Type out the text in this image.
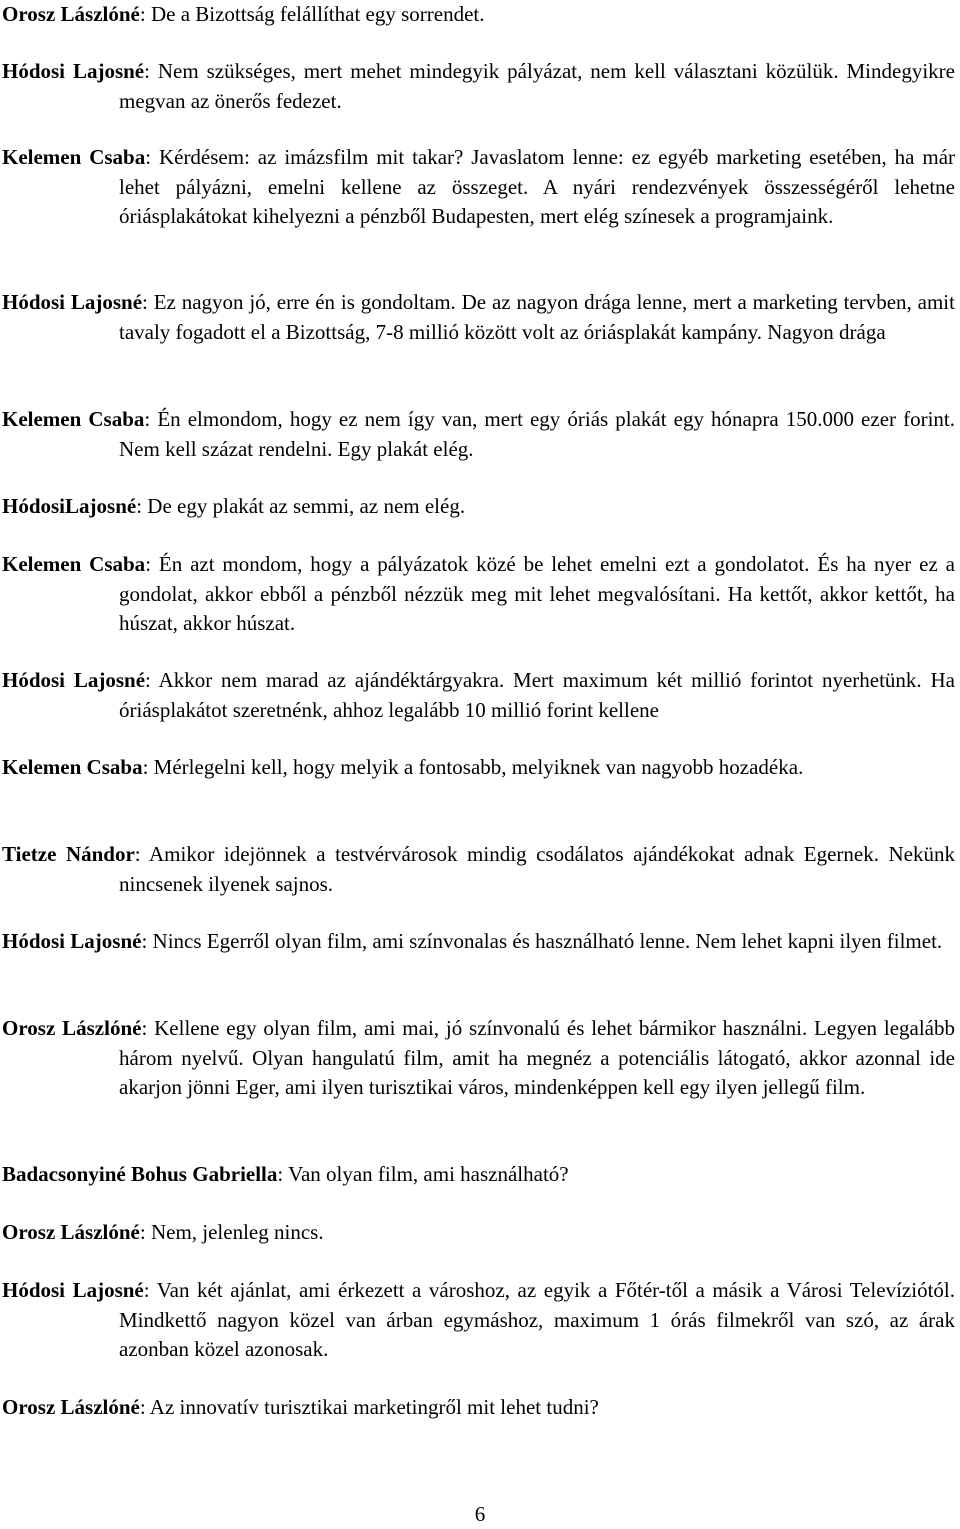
Orosz Lászlóné: De a Bizottság felállíthat egy sorrendet.

Hódosi Lajosné: Nem szükséges, mert mehet mindegyik pályázat, nem kell választani közülük. Mindegyikre megvan az önerős fedezet.

Kelemen Csaba: Kérdésem: az imázsfilm mit takar? Javaslatom lenne: ez egyéb marketing esetében, ha már lehet pályázni, emelni kellene az összeget. A nyári rendezvények összességéről lehetne óriásplakátokat kihelyezni a pénzből Budapesten, mert elég színesek a programjaink.

Hódosi Lajosné: Ez nagyon jó, erre én is gondoltam. De az nagyon drága lenne, mert a marketing tervben, amit tavaly fogadott el a Bizottság, 7-8 millió között volt az óriásplakát kampány. Nagyon drága

Kelemen Csaba: Én elmondom, hogy ez nem így van, mert egy óriás plakát egy hónapra 150.000 ezer forint. Nem kell százat rendelni. Egy plakát elég.

HódosiLajosné: De egy plakát az semmi, az nem elég.

Kelemen Csaba: Én azt mondom, hogy a pályázatok közé be lehet emelni ezt a gondolatot. És ha nyer ez a gondolat, akkor ebből a pénzből nézzük meg mit lehet megvalósítani. Ha kettőt, akkor kettőt, ha húszat, akkor húszat.

Hódosi Lajosné: Akkor nem marad az ajándéktárgyakra. Mert maximum két millió forintot nyerhetünk. Ha óriásplakátot szeretnénk, ahhoz legalább 10 millió forint kellene

Kelemen Csaba: Mérlegelni kell, hogy melyik a fontosabb, melyiknek van nagyobb hozadéka.

Tietze Nándor: Amikor idejönnek a testvérvárosok mindig csodálatos ajándékokat adnak Egernek. Nekünk nincsenek ilyenek sajnos.

Hódosi Lajosné: Nincs Egerről olyan film, ami színvonalas és használható lenne. Nem lehet kapni ilyen filmet.

Orosz Lászlóné: Kellene egy olyan film, ami mai, jó színvonalú és lehet bármikor használni. Legyen legalább három nyelvű. Olyan hangulatú film, amit ha megnéz a potenciális látogató, akkor azonnal ide akarjon jönni Eger, ami ilyen turisztikai város, mindenképpen kell egy ilyen jellegű film.

Badacsonyiné Bohus Gabriella: Van olyan film, ami használható?

Orosz Lászlóné: Nem, jelenleg nincs.

Hódosi Lajosné: Van két ajánlat, ami érkezett a városhoz, az egyik a Főtér-től a másik a Városi Televíziótól. Mindkettő nagyon közel van árban egymáshoz, maximum 1 órás filmekről van szó, az árak azonban közel azonosak.

Orosz Lászlóné: Az innovatív turisztikai marketingről mit lehet tudni?

6
